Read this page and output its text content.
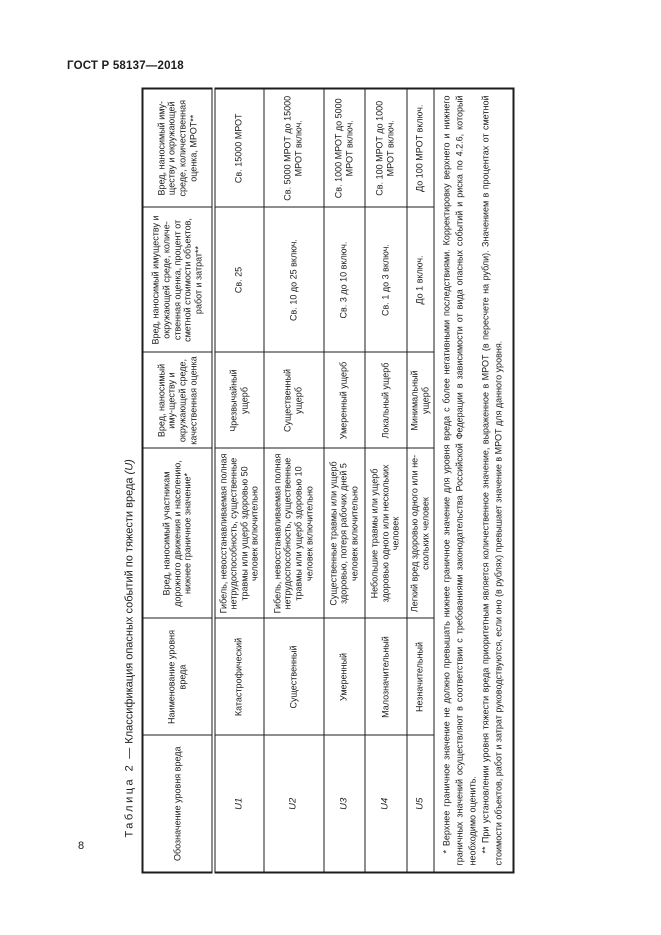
ГОСТ Р 58137—2018
Таблица 2—Классификация опасных событий по тяжести вреда (U)
Обозначение уровня вреда	Наименование уровня вреда	Вред, наносимый участникам дорожного движения и населению, нижнее граничное значение*	Вред, наносимый иму-ществу и окружающей среде, качественная оценка	Вред, наносимый имуществу и окружающей среде, количе-ственная оценка, процент от сметной стоимости объектов, работ и затрат**	Вред, наносимый иму-ществу и окружающей среде, количественная оценка, МРОТ**
U1	Катастрофический	Гибель, невосстанавливаемая полная нетрудоспособность, существенные травмы или ущерб здоровью 50 человек включительно	Чрезвычайный ущерб	Св. 25	Св. 15000 МРОТ
U2	Существенный	Гибель, невосстанавливаемая полная нетрудоспособность, существенные травмы или ущерб здоровью 10 человек включительно	Существенный ущерб	Св. 10 до 25 включ.	Св. 5000 МРОТ до 15000 МРОТ включ.
U3	Умеренный	Существенные травмы или ущерб здоровью, потеря рабочих дней 5 человек включительно	Умеренный ущерб	Св. 3 до 10 включ.	Св. 1000 МРОТ до 5000 МРОТ включ.
U4	Малозначительный	Небольшие травмы или ущерб здоровью одного или нескольких человек	Локальный ущерб	Св. 1 до 3 включ.	Св. 100 МРОТ до 1000 МРОТ включ.
U5	Незначительный	Легкий вред здоровью одного или не-скольких человек	Минимальный ущерб	До 1 включ.	До 100 МРОТ включ.

* Верхнее граничное значение не должно превышать нижнее граничное значение для уровня вреда с более негативными последствиями. Корректировку верхнего и нижнего граничных значений осуществляют в соответствии с требованиями законодательства Российской Федерации в зависимости от вида опасных событий и риска по 4.2.6, который необходимо оценить. ** При установлении уровня тяжести вреда приоритетным является количественное значение, выраженное в МРОТ (в пересчете на рубли). Значением в процентах от сметной стоимости объектов, работ и затрат руководствуются, если оно (в рублях) превышает значение в МРОТ для данного уровня.					

8
